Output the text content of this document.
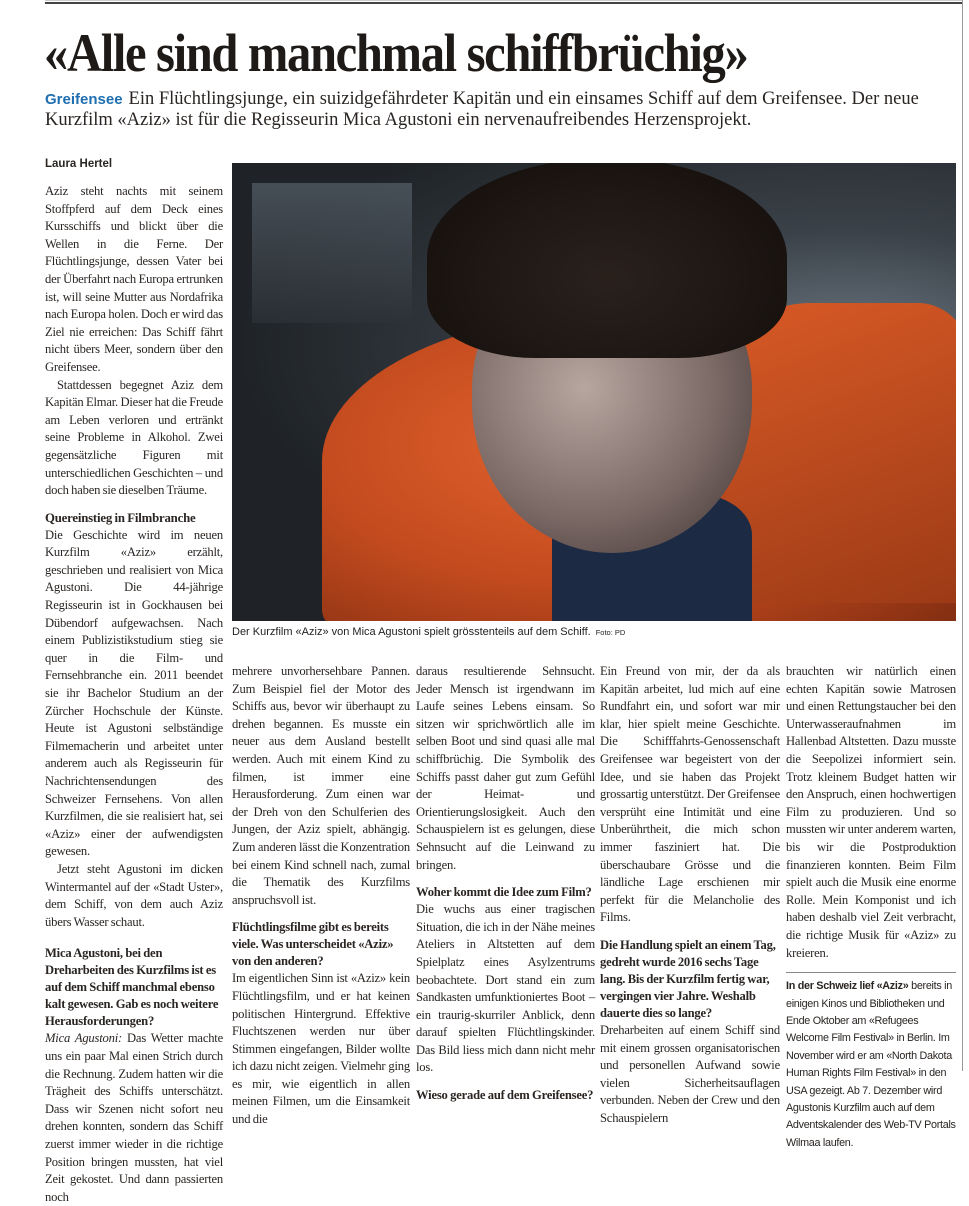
«Alle sind manchmal schiffbrüchig»
Greifensee Ein Flüchtlingsjunge, ein suizidgefährdeter Kapitän und ein einsames Schiff auf dem Greifensee. Der neue Kurzfilm «Aziz» ist für die Regisseurin Mica Agustoni ein nervenaufreibendes Herzensprojekt.
Laura Hertel
Der Kurzfilm «Aziz» von Mica Agustoni spielt grösstenteils auf dem Schiff. Foto: PD

Aziz steht nachts mit seinem Stoffpferd auf dem Deck eines Kursschiffs und blickt über die Wellen in die Ferne. Der Flüchtlingsjunge, dessen Vater bei der Überfahrt nach Europa ertrunken ist, will seine Mutter aus Nordafrika nach Europa holen. Doch er wird das Ziel nie erreichen: Das Schiff fährt nicht übers Meer, sondern über den Greifensee.

Stattdessen begegnet Aziz dem Kapitän Elmar. Dieser hat die Freude am Leben verloren und ertränkt seine Probleme in Alkohol. Zwei gegensätzliche Figuren mit unterschiedlichen Geschichten – und doch haben sie dieselben Träume.

Quereinstieg in Filmbranche

Die Geschichte wird im neuen Kurzfilm «Aziz» erzählt, geschrieben und realisiert von Mica Agustoni. Die 44-jährige Regisseurin ist in Gockhausen bei Dübendorf aufgewachsen. Nach einem Publizistikstudium stieg sie quer in die Film- und Fernsehbranche ein. 2011 beendet sie ihr Bachelor Studium an der Zürcher Hochschule der Künste. Heute ist Agustoni selbständige Filmemacherin und arbeitet unter anderem auch als Regisseurin für Nachrichtensendungen des Schweizer Fernsehens. Von allen Kurzfilmen, die sie realisiert hat, sei «Aziz» einer der aufwendigsten gewesen.

Jetzt steht Agustoni im dicken Wintermantel auf der «Stadt Uster», dem Schiff, von dem auch Aziz übers Wasser schaut.

Mica Agustoni, bei den Dreharbeiten des Kurzfilms ist es auf dem Schiff manchmal ebenso kalt gewesen. Gab es noch weitere Herausforderungen?

Mica Agustoni: Das Wetter machte uns ein paar Mal einen Strich durch die Rechnung. Zudem hatten wir die Trägheit des Schiffs unterschätzt. Dass wir Szenen nicht sofort neu drehen konnten, sondern das Schiff zuerst immer wieder in die richtige Position bringen mussten, hat viel Zeit gekostet. Und dann passierten noch

mehrere unvorhersehbare Pannen. Zum Beispiel fiel der Motor des Schiffs aus, bevor wir überhaupt zu drehen begannen. Es musste ein neuer aus dem Ausland bestellt werden. Auch mit einem Kind zu filmen, ist immer eine Herausforderung. Zum einen war der Dreh von den Schulferien des Jungen, der Aziz spielt, abhängig. Zum anderen lässt die Konzentration bei einem Kind schnell nach, zumal die Thematik des Kurzfilms anspruchsvoll ist.

Flüchtlingsfilme gibt es bereits viele. Was unterscheidet «Aziz» von den anderen?

Im eigentlichen Sinn ist «Aziz» kein Flüchtlingsfilm, und er hat keinen politischen Hintergrund. Effektive Fluchtszenen werden nur über Stimmen eingefangen, Bilder wollte ich dazu nicht zeigen. Vielmehr ging es mir, wie eigentlich in allen meinen Filmen, um die Einsamkeit und die

daraus resultierende Sehnsucht. Jeder Mensch ist irgendwann im Laufe seines Lebens einsam. So sitzen wir sprichwörtlich alle im selben Boot und sind quasi alle mal schiffbrüchig. Die Symbolik des Schiffs passt daher gut zum Gefühl der Heimat- und Orientierungslosigkeit. Auch den Schauspielern ist es gelungen, diese Sehnsucht auf die Leinwand zu bringen.

Woher kommt die Idee zum Film?

Die wuchs aus einer tragischen Situation, die ich in der Nähe meines Ateliers in Altstetten auf dem Spielplatz eines Asylzentrums beobachtete. Dort stand ein zum Sandkasten umfunktioniertes Boot – ein traurig-skurriler Anblick, denn darauf spielten Flüchtlingskinder. Das Bild liess mich dann nicht mehr los.

Wieso gerade auf dem Greifensee?

Ein Freund von mir, der da als Kapitän arbeitet, lud mich auf eine Rundfahrt ein, und sofort war mir klar, hier spielt meine Geschichte. Die Schifffahrts-Genossenschaft Greifensee war begeistert von der Idee, und sie haben das Projekt grossartig unterstützt. Der Greifensee versprüht eine Intimität und eine Unberührtheit, die mich schon immer fasziniert hat. Die überschaubare Grösse und die ländliche Lage erschienen mir perfekt für die Melancholie des Films.

Die Handlung spielt an einem Tag, gedreht wurde 2016 sechs Tage lang. Bis der Kurzfilm fertig war, vergingen vier Jahre. Weshalb dauerte dies so lange?

Dreharbeiten auf einem Schiff sind mit einem grossen organisatorischen und personellen Aufwand sowie vielen Sicherheitsauflagen verbunden. Neben der Crew und den Schauspielern

brauchten wir natürlich einen echten Kapitän sowie Matrosen und einen Rettungstaucher bei den Unterwasseraufnahmen im Hallenbad Altstetten. Dazu musste die Seepolizei informiert sein. Trotz kleinem Budget hatten wir den Anspruch, einen hochwertigen Film zu produzieren. Und so mussten wir unter anderem warten, bis wir die Postproduktion finanzieren konnten. Beim Film spielt auch die Musik eine enorme Rolle. Mein Komponist und ich haben deshalb viel Zeit verbracht, die richtige Musik für «Aziz» zu kreieren.

In der Schweiz lief «Aziz» bereits in einigen Kinos und Bibliotheken und Ende Oktober am «Refugees Welcome Film Festival» in Berlin. Im November wird er am «North Dakota Human Rights Film Festival» in den USA gezeigt. Ab 7. Dezember wird Agustonis Kurzfilm auch auf dem Adventskalender des Web-TV Portals Wilmaa laufen.
